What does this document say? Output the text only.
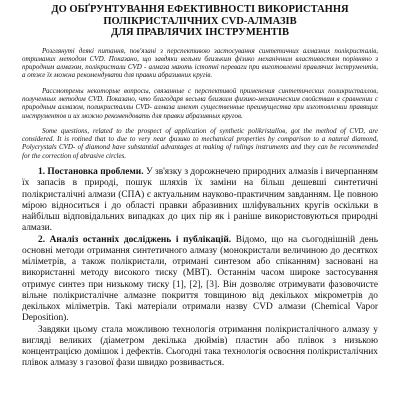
ДО ОБҐРУНТУВАННЯ ЕФЕКТИВНОСТІ ВИКОРИСТАННЯ
ПОЛІКРИСТАЛІЧНИХ CVD-АЛМАЗІВ
ДЛЯ ПРАВЛЯЧИХ ІНСТРУМЕНТІВ

Розглянуті деякі питання, пов'язані з перспективою застосування синтетичних алмазних полікристалів, отриманих методом CVD. Показано, що завдяки вельми близьким фізико механічним властивостям порівняно з природним алмазом, полікристали CVD - алмаза мають істотні переваги при виготовленні правлячих інструментів, а отже їх можна рекомендувати для правки абразивних кругів.

Рассмотрены некоторые вопросы, связанные с перспективой применения синтетических поликристаллов, полученных методом CVD. Показано, что благодаря весьма близким физико-механическим свойствам в сравнении с природным алмазом, поликристаллы CVD- алмаза имеют существенные преимущества при изготовлении правящих инструментов и их можно рекомендовать для правки абразивных кругов.

Some questions, related to the prospect of application of synthetic polikristalloв, got the method of CVD, are considered. It is rotined that to due to very near физико to mechanical properties by comparison to a natural diamond, Polycrystals CVD- of diamond have substantial advantages at making of rulings instruments and they can be recommended for the correction of abrasive circles.

1. Постановка проблеми. У зв'язку з дорожнечею природних алмазів і вичерпанням їх запасів в природі, пошук шляхів їх заміни на більш дешевші синтетичні полікристалічні алмази (СПА) є актуальним науково-практичним завданням. Це повною мірою відноситься і до області правки абразивних шліфувальних кругів оскільки в найбільш відповідальних випадках до цих пір як і раніше використовуються природні алмази.

2. Аналіз останніх досліджень і публікацій. Відомо, що на сьогоднішній день основні методи отримання синтетичного алмазу (монокристали величиною до десяткох міліметрів, а також полікристали, отримані синтезом або спіканням) засновані на використанні методу високого тиску (МВТ). Останнім часом широке застосування отримує синтез при низькому тиску [1], [2], [3]. Він дозволяє отримувати фазовочисте вільне полікристалічне алмазне покриття товщиною від декількох мікрометрів до декількох міліметрів. Такі матеріали отримали назву CVD алмази (Chemical Vapor Deposition).

Завдяки цьому стала можливою технологія отримання полікристалічного алмазу у вигляді великих (діаметром декілька дюймів) пластин або плівок з низькою концентрацією домішок і дефектів. Сьогодні така технологія освоєння полікристалічних плівок алмазу з газової фази швидко розвивається.
